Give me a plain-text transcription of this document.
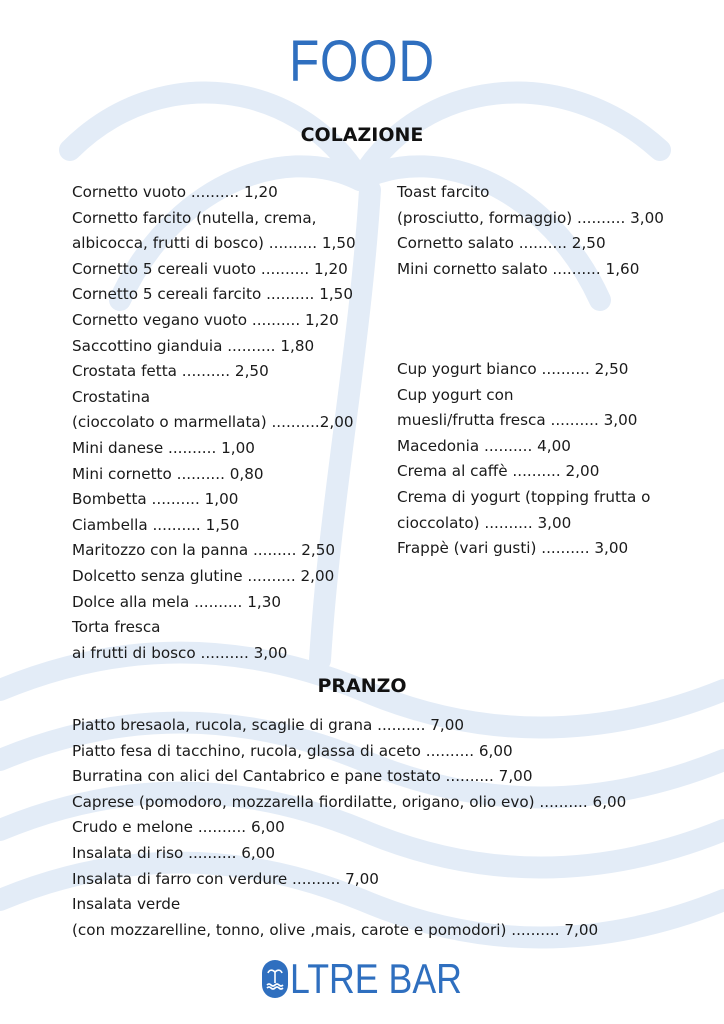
FOOD
COLAZIONE
Cornetto vuoto .......... 1,20
Cornetto farcito (nutella, crema,
albicocca, frutti di bosco) .......... 1,50
Cornetto 5 cereali vuoto .......... 1,20
Cornetto 5 cereali farcito .......... 1,50
Cornetto vegano vuoto .......... 1,20
Saccottino gianduia .......... 1,80
Crostata fetta .......... 2,50
Crostatina
(cioccolato o marmellata) ..........2,00
Mini danese .......... 1,00
Mini cornetto .......... 0,80
Bombetta .......... 1,00
Ciambella .......... 1,50
Maritozzo con la panna ......... 2,50
Dolcetto senza glutine .......... 2,00
Dolce alla mela .......... 1,30
Torta fresca
ai frutti di bosco .......... 3,00
Toast farcito
(prosciutto, formaggio) .......... 3,00
Cornetto salato .......... 2,50
Mini cornetto salato .......... 1,60
Cup yogurt bianco .......... 2,50
Cup yogurt con
muesli/frutta fresca .......... 3,00
Macedonia .......... 4,00
Crema al caffè .......... 2,00
Crema di yogurt (topping frutta o
cioccolato) .......... 3,00
Frappè (vari gusti) .......... 3,00
PRANZO
Piatto bresaola, rucola, scaglie di grana .......... 7,00
Piatto fesa di tacchino, rucola, glassa di aceto .......... 6,00
Burratina con alici del Cantabrico e pane tostato .......... 7,00
Caprese (pomodoro, mozzarella fiordilatte, origano, olio evo) .......... 6,00
Crudo e melone .......... 6,00
Insalata di riso .......... 6,00
Insalata di farro con verdure .......... 7,00
Insalata verde
(con mozzarelline, tonno, olive ,mais, carote e pomodori) .......... 7,00
LTRE BAR
